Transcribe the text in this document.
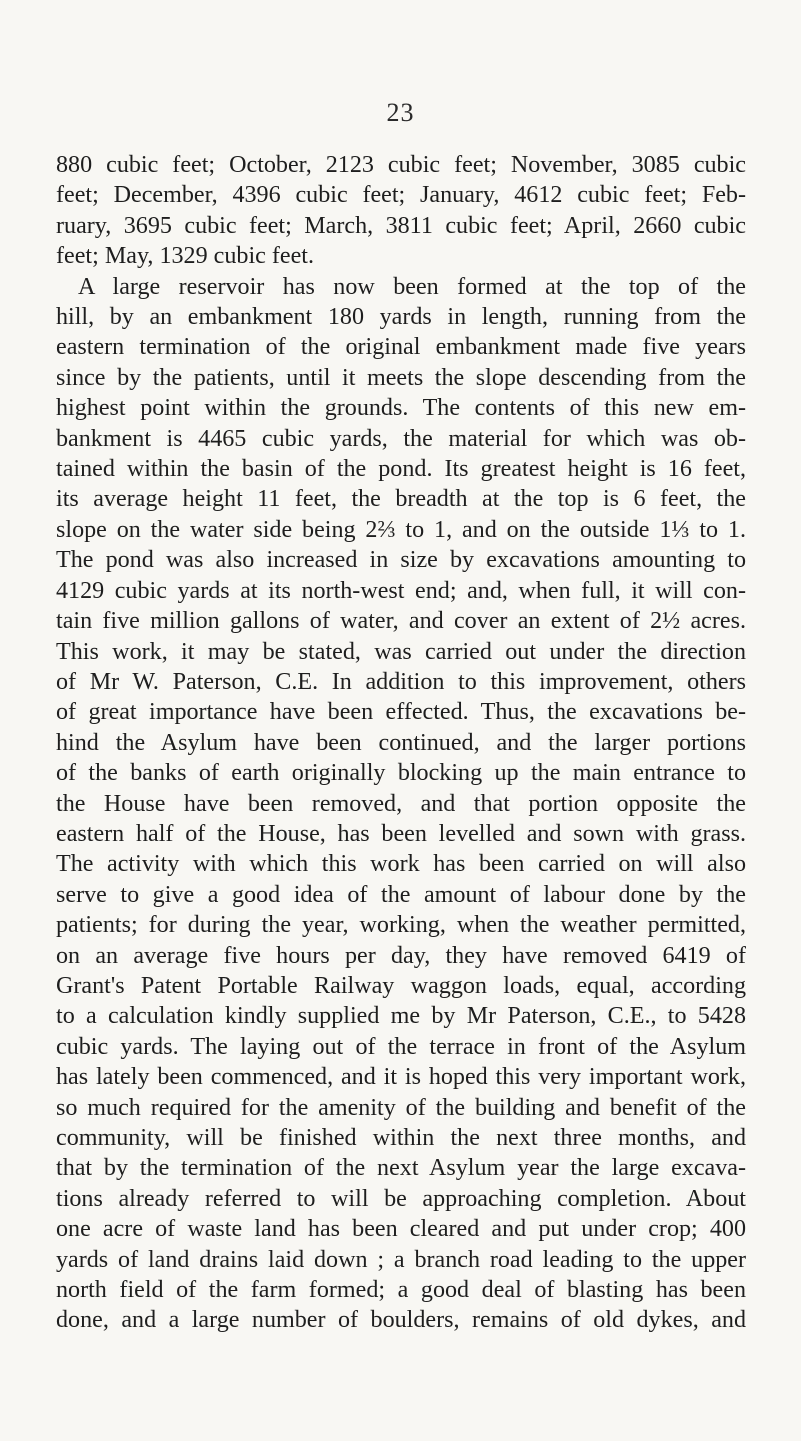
23
880 cubic feet; October, 2123 cubic feet; November, 3085 cubic
feet; December, 4396 cubic feet; January, 4612 cubic feet; Feb-
ruary, 3695 cubic feet; March, 3811 cubic feet; April, 2660 cubic
feet; May, 1329 cubic feet.
A large reservoir has now been formed at the top of the
hill, by an embankment 180 yards in length, running from the
eastern termination of the original embankment made five years
since by the patients, until it meets the slope descending from the
highest point within the grounds. The contents of this new em-
bankment is 4465 cubic yards, the material for which was ob-
tained within the basin of the pond. Its greatest height is 16 feet,
its average height 11 feet, the breadth at the top is 6 feet, the
slope on the water side being 2⅔ to 1, and on the outside 1⅓ to 1.
The pond was also increased in size by excavations amounting to
4129 cubic yards at its north-west end; and, when full, it will con-
tain five million gallons of water, and cover an extent of 2½ acres.
This work, it may be stated, was carried out under the direction
of Mr W. Paterson, C.E. In addition to this improvement, others
of great importance have been effected. Thus, the excavations be-
hind the Asylum have been continued, and the larger portions
of the banks of earth originally blocking up the main entrance to
the House have been removed, and that portion opposite the
eastern half of the House, has been levelled and sown with grass.
The activity with which this work has been carried on will also
serve to give a good idea of the amount of labour done by the
patients; for during the year, working, when the weather permitted,
on an average five hours per day, they have removed 6419 of
Grant's Patent Portable Railway waggon loads, equal, according
to a calculation kindly supplied me by Mr Paterson, C.E., to 5428
cubic yards. The laying out of the terrace in front of the Asylum
has lately been commenced, and it is hoped this very important work,
so much required for the amenity of the building and benefit of the
community, will be finished within the next three months, and
that by the termination of the next Asylum year the large excava-
tions already referred to will be approaching completion. About
one acre of waste land has been cleared and put under crop; 400
yards of land drains laid down ; a branch road leading to the upper
north field of the farm formed; a good deal of blasting has been
done, and a large number of boulders, remains of old dykes, and
